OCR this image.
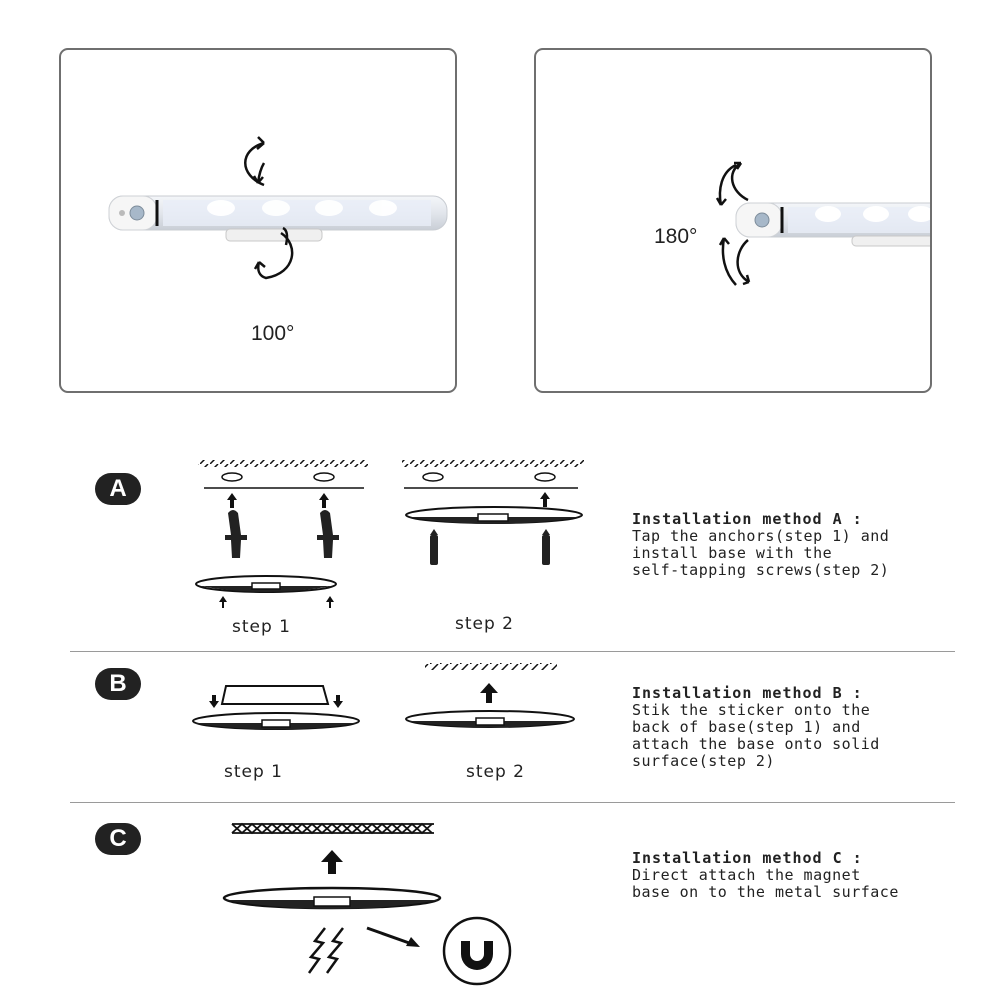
100°
180°
A
step 1	step 2
Installation method A :
Tap the anchors(step 1) and
install base with the
self-tapping screws(step 2)
B
step 1	step 2
Installation method B :
Stik the sticker onto the
back of base(step 1) and
attach the base onto solid
surface(step 2)
C
Installation method C :
Direct attach the magnet
base on to the metal surface
